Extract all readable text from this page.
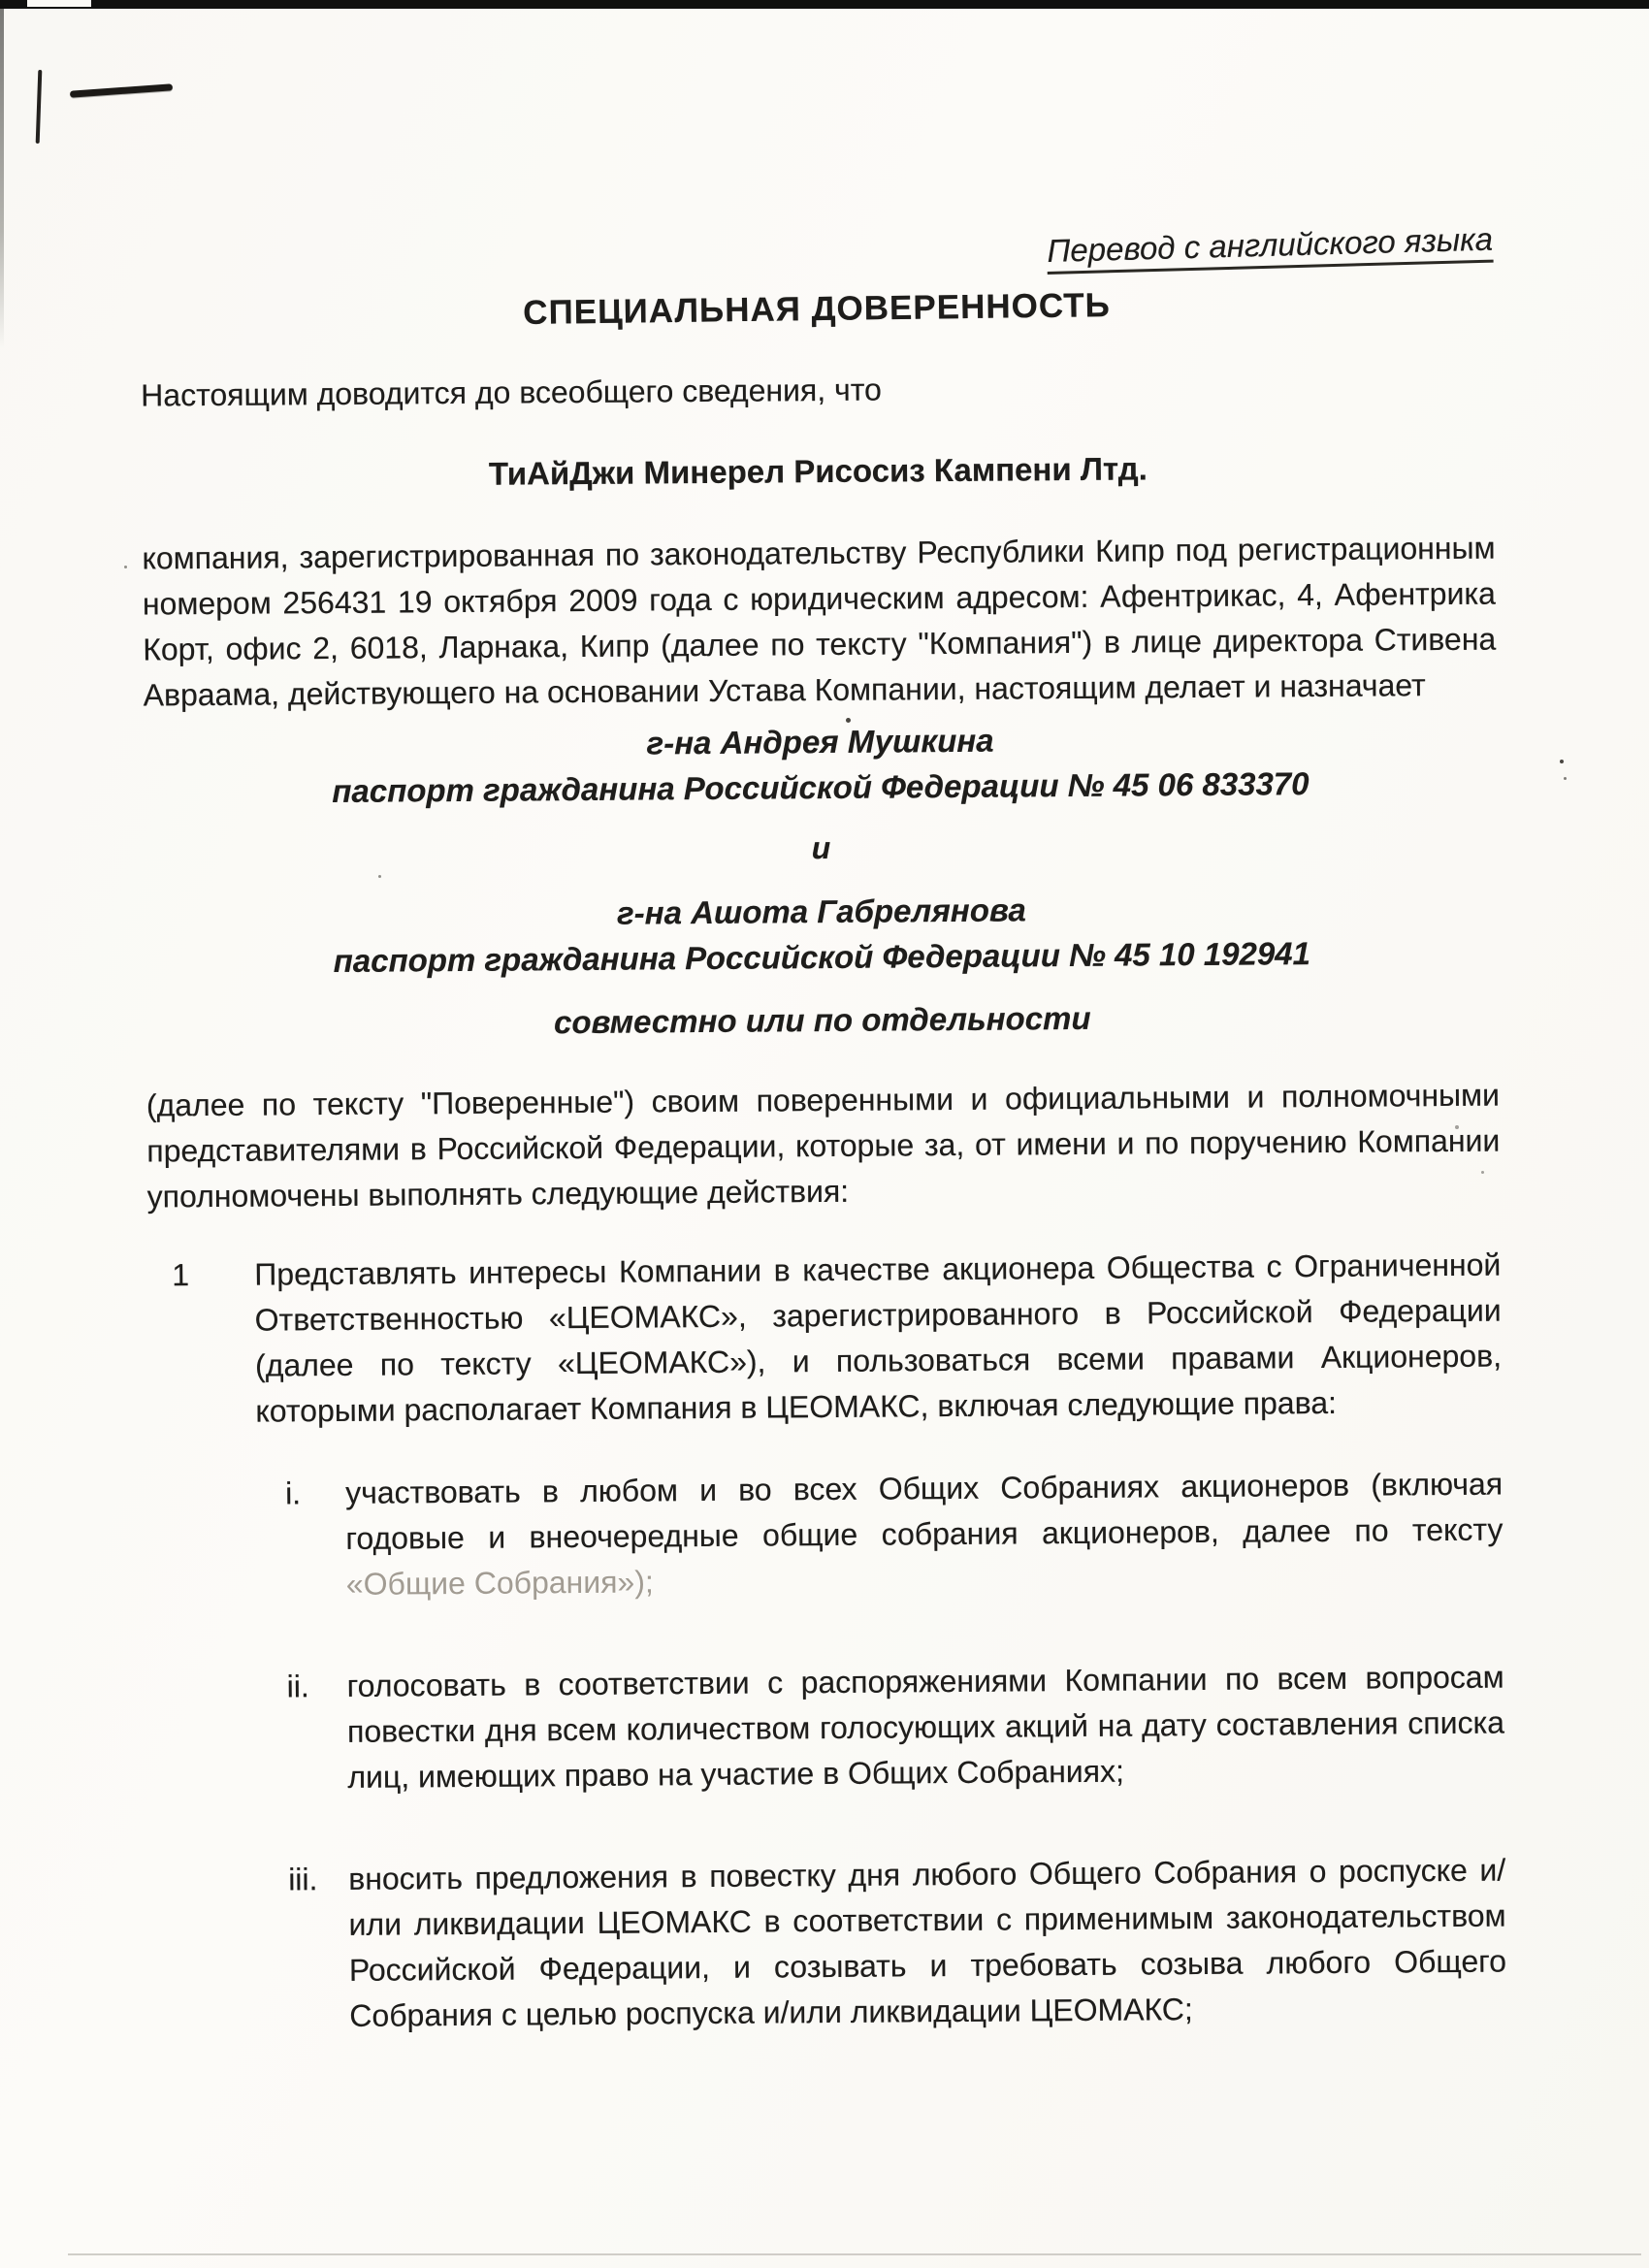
Перевод с английского языка

СПЕЦИАЛЬНАЯ ДОВЕРЕННОСТЬ

Настоящим доводится до всеобщего сведения, что

ТиАйДжи Минерел Рисосиз Кампени Лтд.

компания, зарегистрированная по законодательству Республики Кипр под регистрационным номером 256431 19 октября 2009 года с юридическим адресом: Афентрикас, 4, Афентрика Корт, офис 2, 6018, Ларнака, Кипр (далее по тексту "Компания") в лице директора Стивена Авраама, действующего на основании Устава Компании, настоящим делает и назначает

г-на Андрея Мушкина

паспорт гражданина Российской Федерации № 45 06 833370

и

г-на Ашота Габрелянова

паспорт гражданина Российской Федерации № 45 10 192941

совместно или по отдельности

(далее по тексту "Поверенные") своим поверенными и официальными и полномочными представителями в Российской Федерации, которые за, от имени и по поручению Компании уполномочены выполнять следующие действия:

1	Представлять интересы Компании в качестве акционера Общества с Ограниченной Ответственностью «ЦЕОМАКС», зарегистрированного в Российской Федерации (далее по тексту «ЦЕОМАКС»), и пользоваться всеми правами Акционеров, которыми располагает Компания в ЦЕОМАКС, включая следующие права:

i.	участвовать в любом и во всех Общих Собраниях акционеров (включая годовые и внеочередные общие собрания акционеров, далее по тексту «Общие Собрания»);

ii.	голосовать в соответствии с распоряжениями Компании по всем вопросам повестки дня всем количеством голосующих акций на дату составления списка лиц, имеющих право на участие в Общих Собраниях;

iii. вносить предложения в повестку дня любого Общего Собрания о роспуске и/или ликвидации ЦЕОМАКС в соответствии с применимым законодательством Российской Федерации, и созывать и требовать созыва любого Общего Собрания с целью роспуска и/или ликвидации ЦЕОМАКС;
